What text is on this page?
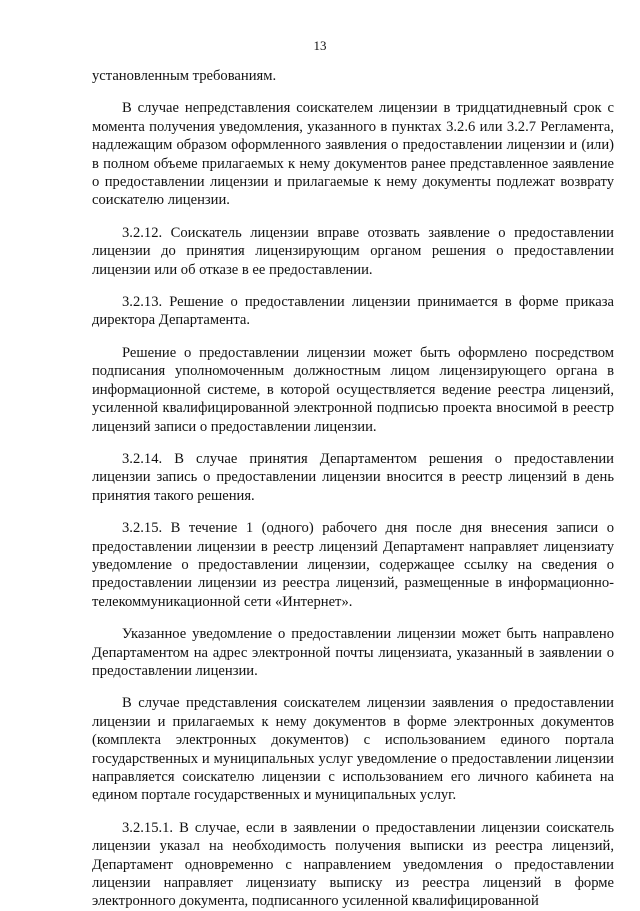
13

установленным требованиям.

В случае непредставления соискателем лицензии в тридцатидневный срок с момента получения уведомления, указанного в пунктах 3.2.6 или 3.2.7 Регламента, надлежащим образом оформленного заявления о предоставлении лицензии и (или) в полном объеме прилагаемых к нему документов ранее представленное заявление о предоставлении лицензии и прилагаемые к нему документы подлежат возврату соискателю лицензии.

3.2.12. Соискатель лицензии вправе отозвать заявление о предоставлении лицензии до принятия лицензирующим органом решения о предоставлении лицензии или об отказе в ее предоставлении.

3.2.13. Решение о предоставлении лицензии принимается в форме приказа директора Департамента.

Решение о предоставлении лицензии может быть оформлено посредством подписания уполномоченным должностным лицом лицензирующего органа в информационной системе, в которой осуществляется ведение реестра лицензий, усиленной квалифицированной электронной подписью проекта вносимой в реестр лицензий записи о предоставлении лицензии.

3.2.14. В случае принятия Департаментом решения о предоставлении лицензии запись о предоставлении лицензии вносится в реестр лицензий в день принятия такого решения.

3.2.15. В течение 1 (одного) рабочего дня после дня внесения записи о предоставлении лицензии в реестр лицензий Департамент направляет лицензиату уведомление о предоставлении лицензии, содержащее ссылку на сведения о предоставлении лицензии из реестра лицензий, размещенные в информационно-телекоммуникационной сети «Интернет».

Указанное уведомление о предоставлении лицензии может быть направлено Департаментом на адрес электронной почты лицензиата, указанный в заявлении о предоставлении лицензии.

В случае представления соискателем лицензии заявления о предоставлении лицензии и прилагаемых к нему документов в форме электронных документов (комплекта электронных документов) с использованием единого портала государственных и муниципальных услуг уведомление о предоставлении лицензии направляется соискателю лицензии с использованием его личного кабинета на едином портале государственных и муниципальных услуг.

3.2.15.1. В случае, если в заявлении о предоставлении лицензии соискатель лицензии указал на необходимость получения выписки из реестра лицензий, Департамент одновременно с направлением уведомления о предоставлении лицензии направляет лицензиату выписку из реестра лицензий в форме электронного документа, подписанного усиленной квалифицированной
